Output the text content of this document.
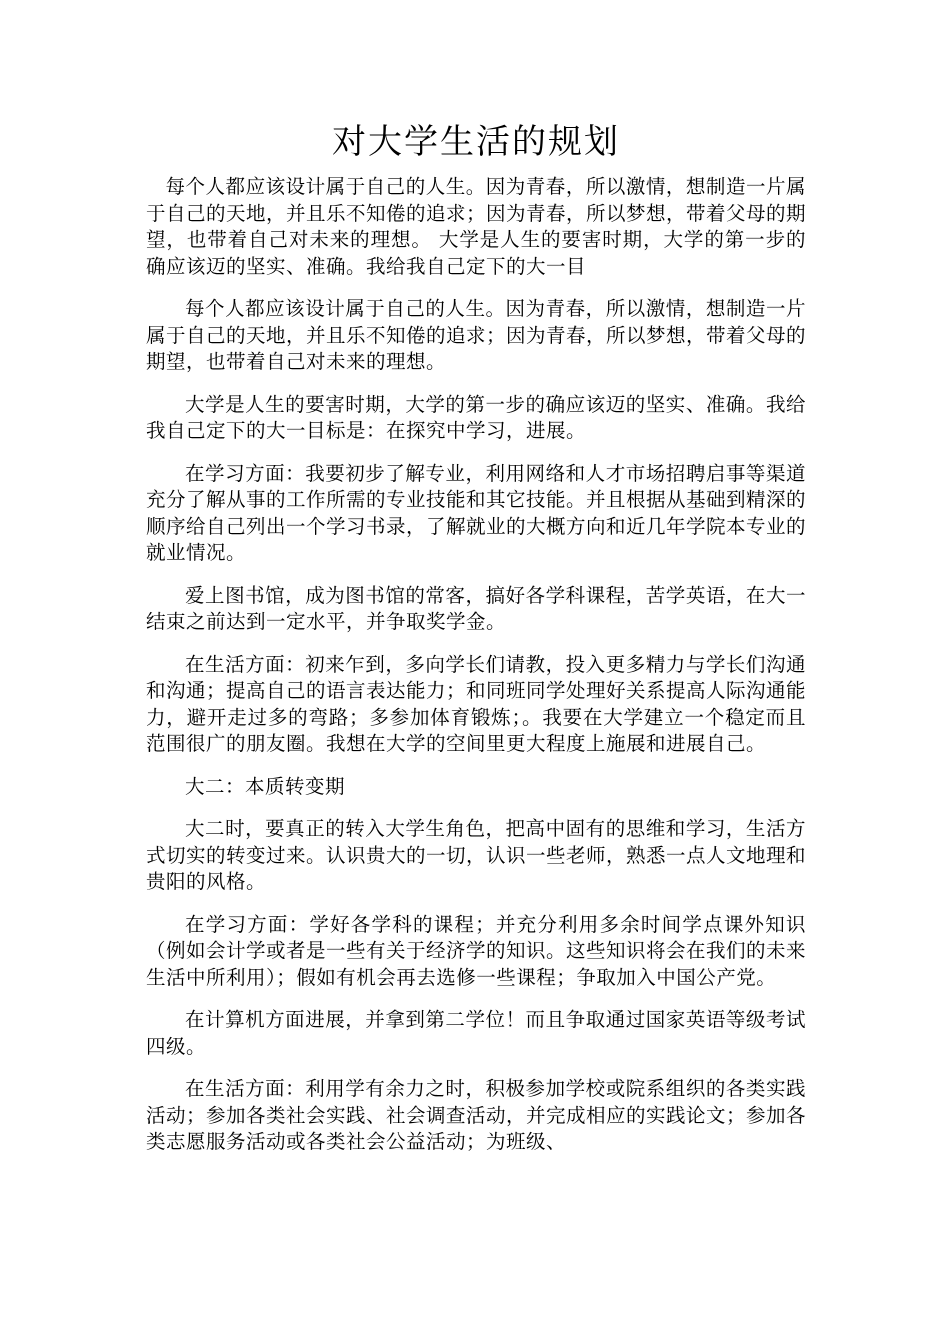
对大学生活的规划

每个人都应该设计属于自己的人生。因为青春，所以激情，想制造一片属于自己的天地，并且乐不知倦的追求；因为青春，所以梦想，带着父母的期望，也带着自己对未来的理想。 大学是人生的要害时期，大学的第一步的确应该迈的坚实、准确。我给我自己定下的大一目

每个人都应该设计属于自己的人生。因为青春，所以激情，想制造一片属于自己的天地，并且乐不知倦的追求；因为青春，所以梦想，带着父母的期望，也带着自己对未来的理想。

大学是人生的要害时期，大学的第一步的确应该迈的坚实、准确。我给我自己定下的大一目标是：在探究中学习，进展。

在学习方面：我要初步了解专业，利用网络和人才市场招聘启事等渠道充分了解从事的工作所需的专业技能和其它技能。并且根据从基础到精深的顺序给自己列出一个学习书录，了解就业的大概方向和近几年学院本专业的就业情况。

爱上图书馆，成为图书馆的常客，搞好各学科课程，苦学英语，在大一结束之前达到一定水平，并争取奖学金。

在生活方面：初来乍到，多向学长们请教，投入更多精力与学长们沟通和沟通；提高自己的语言表达能力；和同班同学处理好关系提高人际沟通能力，避开走过多的弯路；多参加体育锻炼；。我要在大学建立一个稳定而且范围很广的朋友圈。我想在大学的空间里更大程度上施展和进展自己。

大二：本质转变期

大二时，要真正的转入大学生角色，把高中固有的思维和学习，生活方式切实的转变过来。认识贵大的一切，认识一些老师，熟悉一点人文地理和贵阳的风格。

在学习方面：学好各学科的课程；并充分利用多余时间学点课外知识（例如会计学或者是一些有关于经济学的知识。这些知识将会在我们的未来生活中所利用）；假如有机会再去选修一些课程；争取加入中国公产党。

在计算机方面进展，并拿到第二学位！而且争取通过国家英语等级考试四级。

在生活方面：利用学有余力之时，积极参加学校或院系组织的各类实践活动；参加各类社会实践、社会调查活动，并完成相应的实践论文；参加各类志愿服务活动或各类社会公益活动；为班级、
